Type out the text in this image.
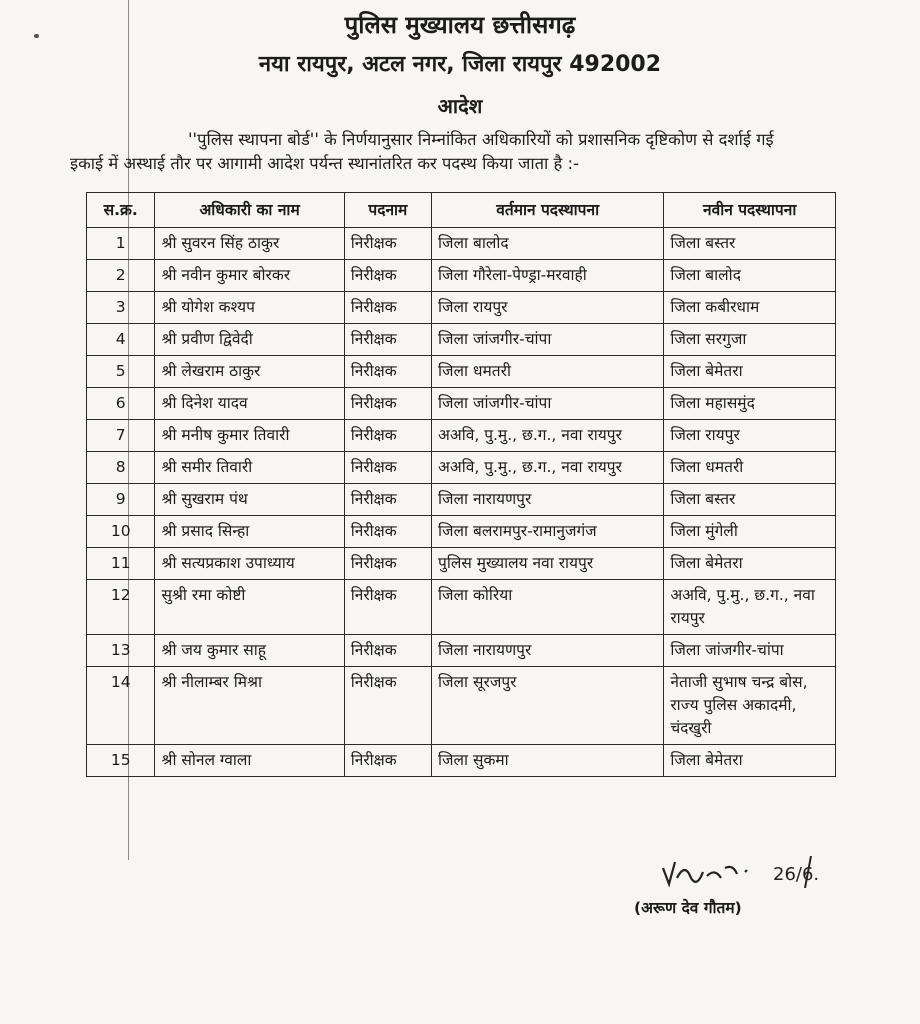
पुलिस मुख्यालय छत्तीसगढ़
नया रायपुर, अटल नगर, जिला रायपुर 492002
आदेश
''पुलिस स्थापना बोर्ड'' के निर्णयानुसार निम्नांकित अधिकारियों को प्रशासनिक दृष्टिकोण से दर्शाई गई
इकाई में अस्थाई तौर पर आगामी आदेश पर्यन्त स्थानांतरित कर पदस्थ किया जाता है :-
स.क्र.	अधिकारी का नाम	पदनाम	वर्तमान पदस्थापना	नवीन पदस्थापना
1	श्री सुवरन सिंह ठाकुर	निरीक्षक	जिला बालोद	जिला बस्तर
2	श्री नवीन कुमार बोरकर	निरीक्षक	जिला गौरेला-पेण्ड्रा-मरवाही	जिला बालोद
3	श्री योगेश कश्यप	निरीक्षक	जिला रायपुर	जिला कबीरधाम
4	श्री प्रवीण द्विवेदी	निरीक्षक	जिला जांजगीर-चांपा	जिला सरगुजा
5	श्री लेखराम ठाकुर	निरीक्षक	जिला धमतरी	जिला बेमेतरा
6	श्री दिनेश यादव	निरीक्षक	जिला जांजगीर-चांपा	जिला महासमुंद
7	श्री मनीष कुमार तिवारी	निरीक्षक	अअवि, पु.मु., छ.ग., नवा रायपुर	जिला रायपुर
8	श्री समीर तिवारी	निरीक्षक	अअवि, पु.मु., छ.ग., नवा रायपुर	जिला धमतरी
9	श्री सुखराम पंथ	निरीक्षक	जिला नारायणपुर	जिला बस्तर
10	श्री प्रसाद सिन्हा	निरीक्षक	जिला बलरामपुर-रामानुजगंज	जिला मुंगेली
11	श्री सत्यप्रकाश उपाध्याय	निरीक्षक	पुलिस मुख्यालय नवा रायपुर	जिला बेमेतरा
12	सुश्री रमा कोष्टी	निरीक्षक	जिला कोरिया	अअवि, पु.मु., छ.ग., नवा रायपुर
13	श्री जय कुमार साहू	निरीक्षक	जिला नारायणपुर	जिला जांजगीर-चांपा
14	श्री नीलाम्बर मिश्रा	निरीक्षक	जिला सूरजपुर	नेताजी सुभाष चन्द्र बोस, राज्य पुलिस अकादमी, चंदखुरी
15	श्री सोनल ग्वाला	निरीक्षक	जिला सुकमा	जिला बेमेतरा
26/6.
(अरूण देव गौतम)
